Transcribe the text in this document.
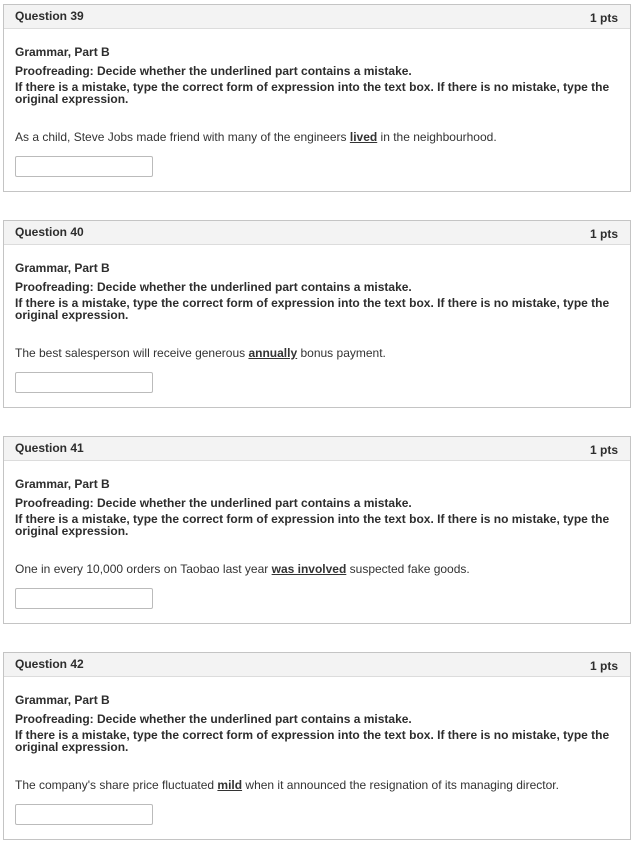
Question 39	1 pts
Grammar, Part B
Proofreading: Decide whether the underlined part contains a mistake.
If there is a mistake, type the correct form of expression into the text box. If there is no mistake, type the original expression.
As a child, Steve Jobs made friend with many of the engineers lived in the neighbourhood.
Question 40	1 pts
Grammar, Part B
Proofreading: Decide whether the underlined part contains a mistake.
If there is a mistake, type the correct form of expression into the text box. If there is no mistake, type the original expression.
The best salesperson will receive generous annually bonus payment.
Question 41	1 pts
Grammar, Part B
Proofreading: Decide whether the underlined part contains a mistake.
If there is a mistake, type the correct form of expression into the text box. If there is no mistake, type the original expression.
One in every 10,000 orders on Taobao last year was involved suspected fake goods.
Question 42	1 pts
Grammar, Part B
Proofreading: Decide whether the underlined part contains a mistake.
If there is a mistake, type the correct form of expression into the text box. If there is no mistake, type the original expression.
The company's share price fluctuated mild when it announced the resignation of its managing director.
